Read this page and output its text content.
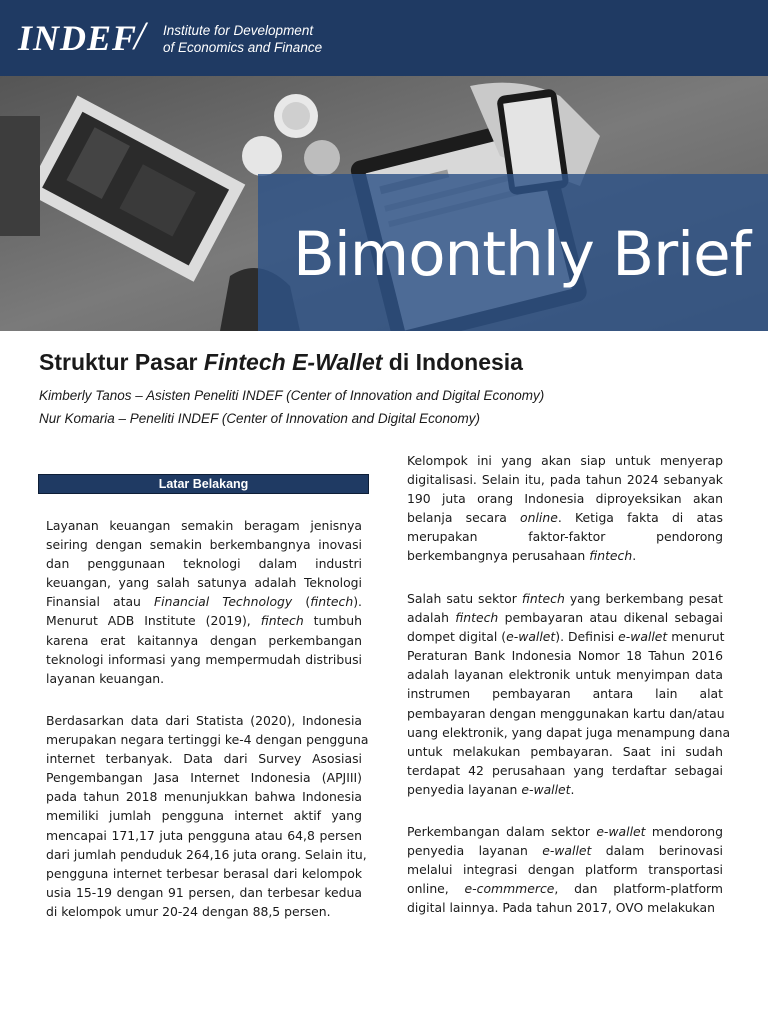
INDEF
/ Institute for Development
of Economics and Finance
Bimonthly Brief
Struktur Pasar Fintech E-Wallet di Indonesia
Kimberly Tanos – Asisten Peneliti INDEF (Center of Innovation and Digital Economy)
Nur Komaria – Peneliti INDEF (Center of Innovation and Digital Economy)
Latar Belakang
Layanan keuangan semakin beragam jenisnya
seiring dengan semakin berkembangnya inovasi
dan penggunaan teknologi dalam industri
keuangan, yang salah satunya adalah Teknologi
Finansial atau Financial Technology (fintech).
Menurut ADB Institute (2019), fintech tumbuh
karena erat kaitannya dengan perkembangan
teknologi informasi yang mempermudah distribusi
layanan keuangan.
Berdasarkan data dari Statista (2020), Indonesia
merupakan negara tertinggi ke-4 dengan pengguna
internet terbanyak. Data dari Survey Asosiasi
Pengembangan Jasa Internet Indonesia (APJIII)
pada tahun 2018 menunjukkan bahwa Indonesia
memiliki jumlah pengguna internet aktif yang
mencapai 171,17 juta pengguna atau 64,8 persen
dari jumlah penduduk 264,16 juta orang. Selain itu,
pengguna internet terbesar berasal dari kelompok
usia 15-19 dengan 91 persen, dan terbesar kedua
di kelompok umur 20-24 dengan 88,5 persen.
Kelompok ini yang akan siap untuk menyerap
digitalisasi. Selain itu, pada tahun 2024 sebanyak
190 juta orang Indonesia diproyeksikan akan
belanja secara online. Ketiga fakta di atas
merupakan faktor-faktor pendorong
berkembangnya perusahaan fintech.
Salah satu sektor fintech yang berkembang pesat
adalah fintech pembayaran atau dikenal sebagai
dompet digital (e-wallet). Definisi e-wallet menurut
Peraturan Bank Indonesia Nomor 18 Tahun 2016
adalah layanan elektronik untuk menyimpan data
instrumen pembayaran antara lain alat
pembayaran dengan menggunakan kartu dan/atau
uang elektronik, yang dapat juga menampung dana
untuk melakukan pembayaran. Saat ini sudah
terdapat 42 perusahaan yang terdaftar sebagai
penyedia layanan e-wallet.
Perkembangan dalam sektor e-wallet mendorong
penyedia layanan e-wallet dalam berinovasi
melalui integrasi dengan platform transportasi
online, e-commmerce, dan platform-platform
digital lainnya. Pada tahun 2017, OVO melakukan
